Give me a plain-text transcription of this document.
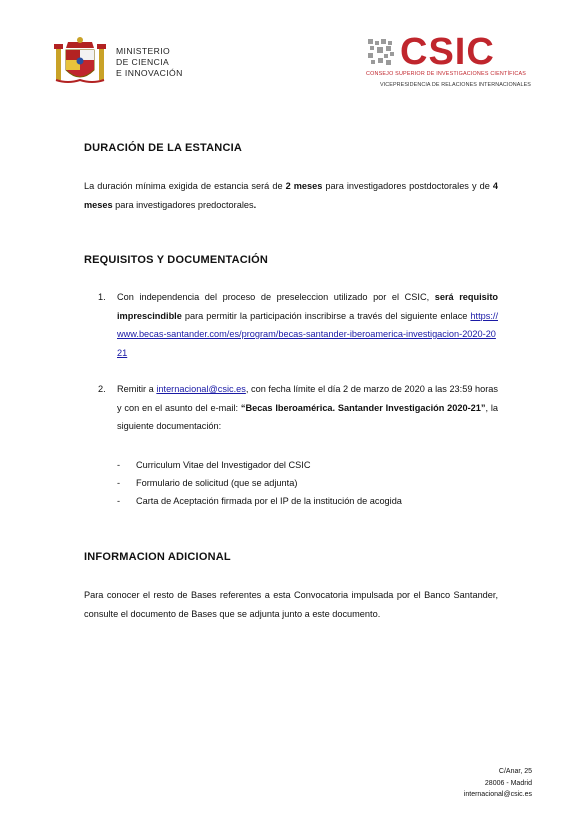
MINISTERIO
DE CIENCIA
E INNOVACIÓN	CSIC
CONSEJO SUPERIOR DE INVESTIGACIONES CIENTÍFICAS
VICEPRESIDENCIA DE RELACIONES INTERNACIONALES
DURACIÓN DE LA ESTANCIA
La duración mínima exigida de estancia será de 2 meses para investigadores postdoctorales y de 4 meses para investigadores predoctorales.
REQUISITOS Y DOCUMENTACIÓN
1. Con independencia del proceso de preseleccion utilizado por el CSIC, será requisito imprescindible para permitir la participación inscribirse a través del siguiente enlace https://www.becas-santander.com/es/program/becas-santander-iberoamerica-investigacion-2020-2021
2. Remitir a internacional@csic.es, con fecha límite el día 2 de marzo de 2020 a las 23:59 horas y con en el asunto del e-mail: “Becas Iberoamérica. Santander Investigación 2020-21”, la siguiente documentación:
- Curriculum Vitae del Investigador del CSIC
- Formulario de solicitud (que se adjunta)
- Carta de Aceptación firmada por el IP de la institución de acogida
INFORMACION ADICIONAL
Para conocer el resto de Bases referentes a esta Convocatoria impulsada por el Banco Santander, consulte el documento de Bases que se adjunta junto a este documento.
C/Anar, 25
28006 - Madrid
internacional@csic.es
